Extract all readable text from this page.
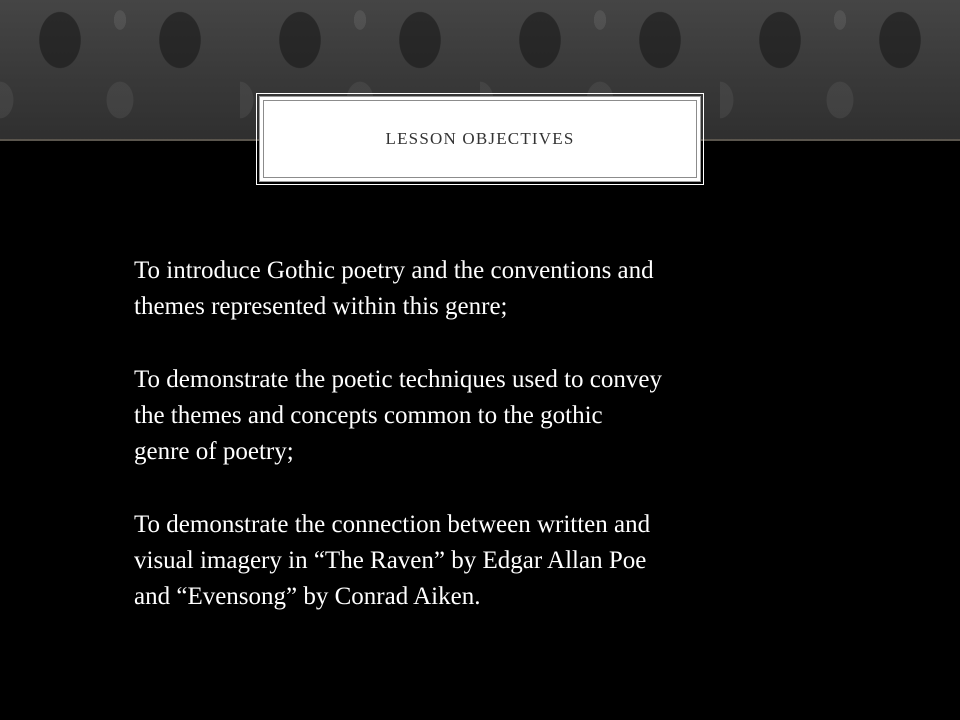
LESSON OBJECTIVES

To introduce Gothic poetry and the conventions and
themes represented within this genre;

To demonstrate the poetic techniques used to convey
the themes and concepts common to the gothic
genre of poetry;

To demonstrate the connection between written and
visual imagery in “The Raven” by Edgar Allan Poe
and “Evensong” by Conrad Aiken.
